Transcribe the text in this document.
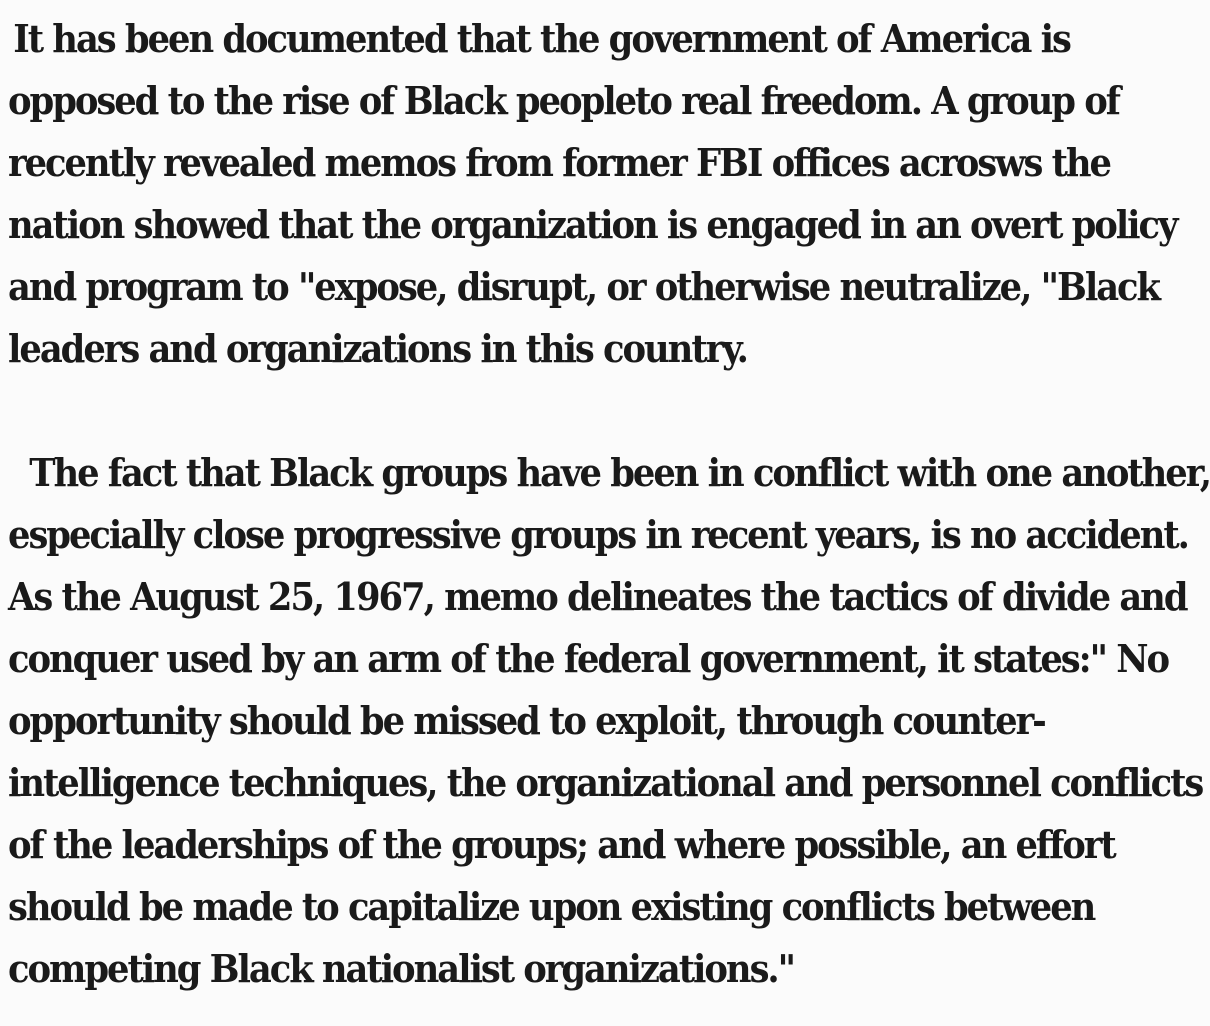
It has been documented that the government of America is
opposed to the rise of Black peopleto real freedom. A group of
recently revealed memos from former FBI offices acrosws the
nation showed that the organization is engaged in an overt policy
and program to "expose, disrupt, or otherwise neutralize, "Black
leaders and organizations in this country.

The fact that Black groups have been in conflict with one another,
especially close progressive groups in recent years, is no accident.
As the August 25, 1967, memo delineates the tactics of divide and
conquer used by an arm of the federal government, it states:" No
opportunity should be missed to exploit, through counter-
intelligence techniques, the organizational and personnel conflicts
of the leaderships of the groups; and where possible, an effort
should be made to capitalize upon existing conflicts between
competing Black nationalist organizations."
